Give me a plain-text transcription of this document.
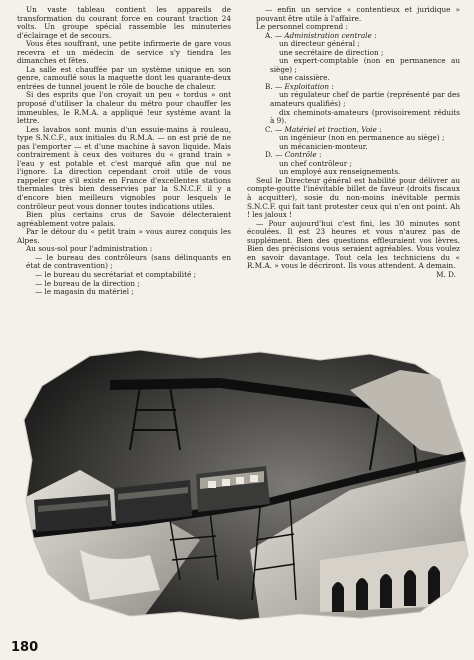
Un vaste tableau contient les appareils de transformation du courant force en courant traction 24 volts. Un groupe spécial rassemble les minuteries d'éclairage et de secours.

Vous êtes souffrant, une petite infirmerie de gare vous recevra et un médecin de service s'y tiendra les dimanches et fêtes.

La salle est chauffée par un système unique en son genre, camouflé sous la maquette dont les quarante-deux entrées de tunnel jouent le rôle de bouche de chaleur.

Si des esprits que l'on croyait un peu « tordus » ont proposé d'utiliser la chaleur du métro pour chauffer les immeubles, le R.M.A. a appliqué !eur système avant la lettre.

Les lavabos sont munis d'un essuie-mains à rouleau, type S.N.C.F., aux initiales du R.M.A. — on est prié de ne pas l'emporter — et d'une machine à savon liquide. Mais contrairement à ceux des voitures du « grand train » l'eau y est potable et c'est marqué afin que nul ne l'ignore. La direction cependant croit utile de vous rappeler que s'il existe en France d'excellentes stations thermales très bien desservies par la S.N.C.F. il y a d'encore bien meilleurs vignobles pour lesquels le contrôleur peut vous donner toutes indications utiles.

Bien plus certains crus de Savoie délecteraient agréablement votre palais.

Par le détour du « petit train » vous aurez conquis les Alpes.

Au sous-sol pour l'administration :

— le bureau des contrôleurs (sans délinquants en état de contravention) ;

— le bureau du secrétariat et comptabilité ;

— le bureau de la direction ;

— le magasin du matériel ;

— enfin un service « contentieux et juridique » pouvant être utile à l'affaire.

Le personnel comprend :

A. — Administration centrale :

un directeur général ;

une secrétaire de direction ;

un expert-comptable (non en permanence au siège) ;

une caissière.

B. — Exploitation :

un régulateur chef de partie (représenté par des amateurs qualifiés) ;

dix cheminots-amateurs (provisoirement réduits à 9).

C. — Matériel et traction, Voie :

un ingénieur (non en permanence au siège) ;

un mécanicien-monteur.

D. — Contrôle :

un chef contrôleur ;

un employé aux renseignements.

Seul le Directeur général est habilité pour délivrer au compte-goutte l'inévitable billet de faveur (droits fiscaux à acquitter), sosie du non-moins inévitable permis S.N.C.F. qui fait tant protester ceux qui n'en ont point. Ah ! les jaloux !

— Pour aujourd'hui c'est fini, les 30 minutes sont écoulées. Il est 23 heures et vous n'aurez pas de supplément. Bien des questions effleuraient vos lèvres. Bien des précisions vous seraient agréables. Vous voulez en savoir davantage. Tout cela les techniciens du « R.M.A. » vous le décriront. Ils vous attendent. A demain.

M. D.

180
